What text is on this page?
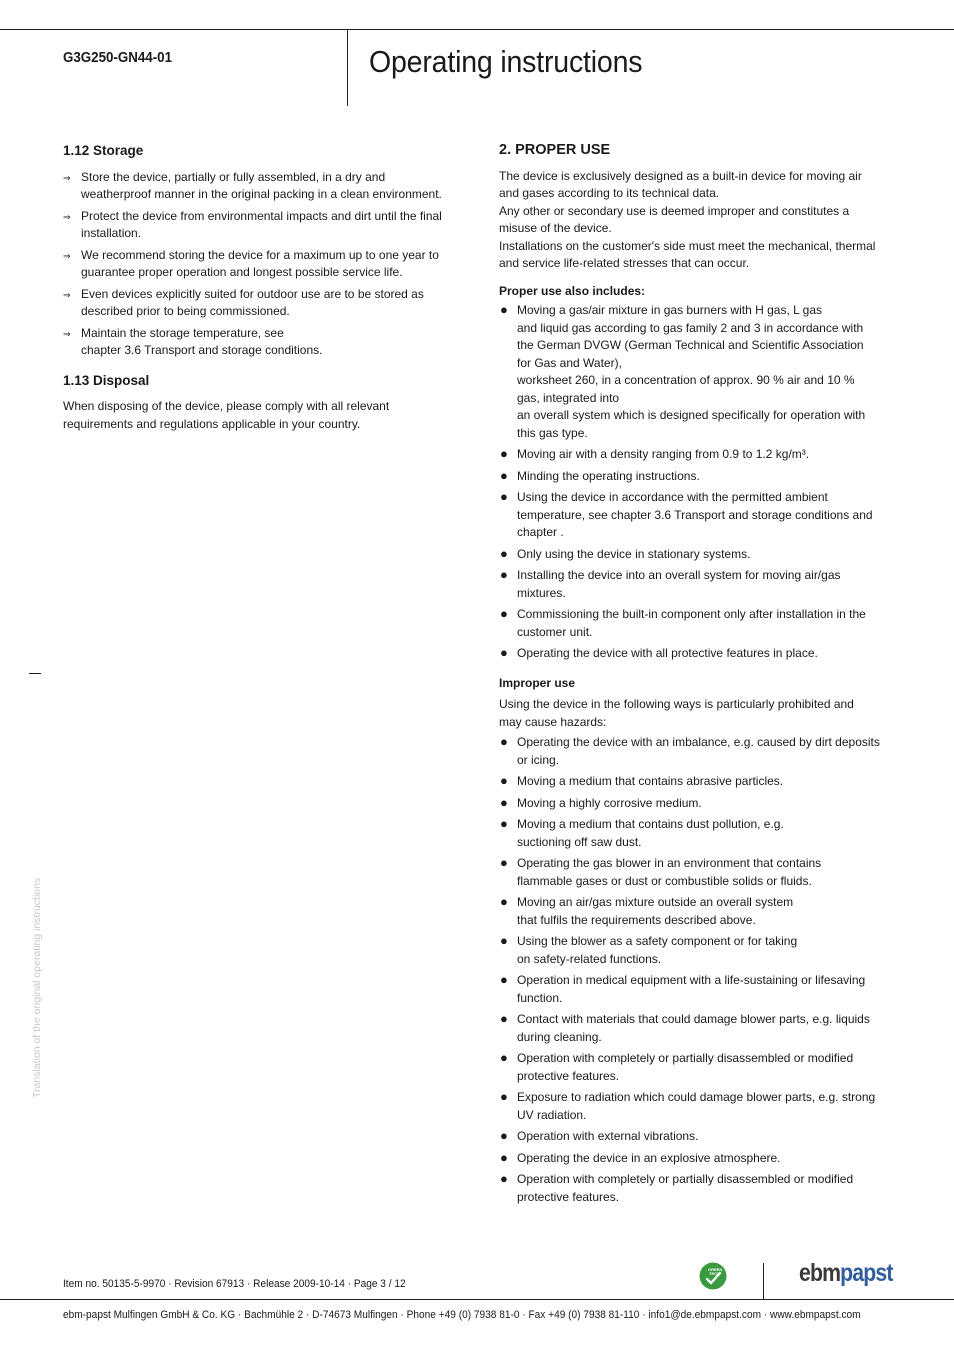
G3G250-GN44-01	Operating instructions
1.12 Storage
⇒ Store the device, partially or fully assembled, in a dry and
weatherproof manner in the original packing in a clean environment.
⇒ Protect the device from environmental impacts and dirt until the final
installation.
⇒ We recommend storing the device for a maximum up to one year to
guarantee proper operation and longest possible service life.
⇒ Even devices explicitly suited for outdoor use are to be stored as
described prior to being commissioned.
⇒ Maintain the storage temperature, see
chapter 3.6 Transport and storage conditions.
1.13 Disposal

When disposing of the device, please comply with all relevant
requirements and regulations applicable in your country.

2. PROPER USE

The device is exclusively designed as a built-in device for moving air
and gases according to its technical data.
Any other or secondary use is deemed improper and constitutes a
misuse of the device.
Installations on the customer's side must meet the mechanical, thermal
and service life-related stresses that can occur.

Proper use also includes:
● Moving a gas/air mixture in gas burners with H gas, L gas
and liquid gas according to gas family 2 and 3 in accordance with
the German DVGW (German Technical and Scientific Association
for Gas and Water),
worksheet 260, in a concentration of approx. 90 % air and 10 %
gas, integrated into
an overall system which is designed specifically for operation with
this gas type.
● Moving air with a density ranging from 0.9 to 1.2 kg/m³.
● Minding the operating instructions.
● Using the device in accordance with the permitted ambient
temperature, see chapter 3.6 Transport and storage conditions and
chapter .
● Only using the device in stationary systems.
● Installing the device into an overall system for moving air/gas
mixtures.
● Commissioning the built-in component only after installation in the
customer unit.
● Operating the device with all protective features in place.
Improper use

Using the device in the following ways is particularly prohibited and
may cause hazards:

● Operating the device with an imbalance, e.g. caused by dirt deposits
or icing.
● Moving a medium that contains abrasive particles.
● Moving a highly corrosive medium.
● Moving a medium that contains dust pollution, e.g.
suctioning off saw dust.
● Operating the gas blower in an environment that contains
flammable gases or dust or combustible solids or fluids.
● Moving an air/gas mixture outside an overall system
that fulfils the requirements described above.
● Using the blower as a safety component or for taking
on safety-related functions.
● Operation in medical equipment with a life-sustaining or lifesaving
function.
● Contact with materials that could damage blower parts, e.g. liquids
during cleaning.
● Operation with completely or partially disassembled or modified
protective features.
● Exposure to radiation which could damage blower parts, e.g. strong
UV radiation.
● Operation with external vibrations.
● Operating the device in an explosive atmosphere.
● Operation with completely or partially disassembled or modified
protective features.
Translation of the original operating instructions
Item no. 50135-5-9970 · Revision 67913 · Release 2009-10-14 · Page 3 / 12
GREEN
TECH	ebmpapst
ebm-papst Mulfingen GmbH & Co. KG · Bachmühle 2 · D-74673 Mulfingen · Phone +49 (0) 7938 81-0 · Fax +49 (0) 7938 81-110 · info1@de.ebmpapst.com · www.ebmpapst.com
